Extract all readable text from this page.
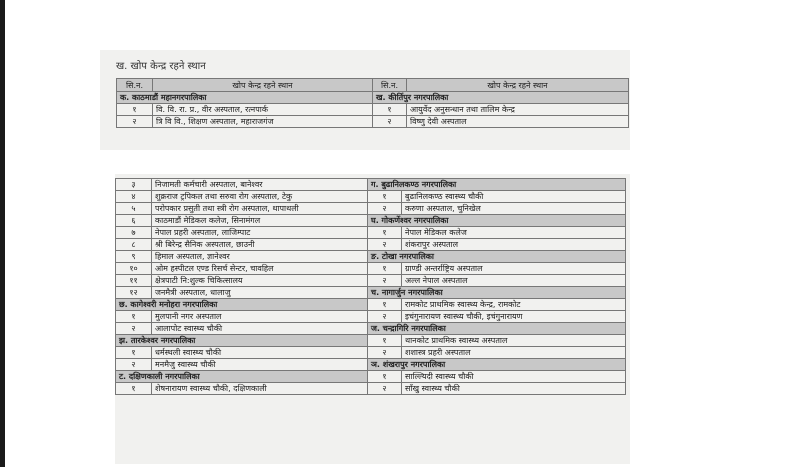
ख. खोप केन्द्र रहने स्थान
सि.न.	खोप केन्द्र रहने स्थान	सि.न.	खोप केन्द्र रहने स्थान
क. काठमाडौं महानगरपालिका		ख. कीर्तिपुर नगरपालिका	
१	वि. वि. रा. प्र., वीर अस्पताल, रत्नपार्क	१	आयुर्वेद अनुसन्धान तथा तालिम केन्द्र
२	त्रि वि वि., शिक्षण अस्पताल, महाराजगंज	२	विष्णु देवी अस्पताल
३	निजामती कर्मचारी अस्पताल, बानेश्वर	ग. बुढानिलकण्ठ नगरपालिका	
४	शुक्रराज ट्रपिकल तथा सरुवा रोग अस्पताल, टेकु	१	बुढानिलकण्ठ स्वास्थ्य चौकी
५	परोपकार प्रसुती तथा स्त्री रोग अस्पताल, थापाथली	२	करुणा अस्पताल, चुनिखेल
६	काठमाडौं मेडिकल कलेज, सिनामंगल	घ. गोकर्णेश्वर नगरपालिका	
७	नेपाल प्रहरी अस्पताल, लाजिम्पाट	१	नेपाल मेडिकल कलेज
८	श्री बिरेन्द्र सैनिक अस्पताल, छाउनी	२	शंकरापुर अस्पताल
९	हिमाल अस्पताल, ज्ञानेश्वर	ङ. टोखा नगरपालिका	
१०	ओम हस्पीटल एण्ड रिसर्च सेन्टर, चावहिल	१	ग्राण्डी अन्तर्राष्ट्रिय अस्पताल
११	क्षेत्रपाटी नि:शुल्क चिकित्सालय	२	अल्ल नेपाल अस्पताल
१२	जनमैत्री अस्पताल, धालाजु	च. नागार्जुन नगरपालिका	
छ. कागेश्वरी मनोहरा नगरपालिका		१	रामकोट प्राथमिक स्वास्थ्य केन्द्र, रामकोट
१	मुलपानी नगर अस्पताल	२	इचंगुनारायण स्वास्थ्य चौकी, इचंगुनारायण
२	आलापोट स्वास्थ्य चौकी	ज. चन्द्रागिरि नगरपालिका	
झ. तारकेश्वर नगरपालिका		१	थानकोट प्राथमिक स्वास्थ्य अस्पताल
१	धर्मस्थली स्वास्थ्य चौकी	२	शशास्त्र प्रहरी अस्पताल
२	मनमैजु स्वास्थ्य चौकी	ञ. शंखरापुर नगरपालिका	
ट. दक्षिणकाली नगरपालिका		१	साल्ल्यिदी स्वास्थ्य चौकी
१	शेषनारायण स्वास्थ्य चौकी, दक्षिणकाली	२	साँखु स्वास्थ्य चौकी
